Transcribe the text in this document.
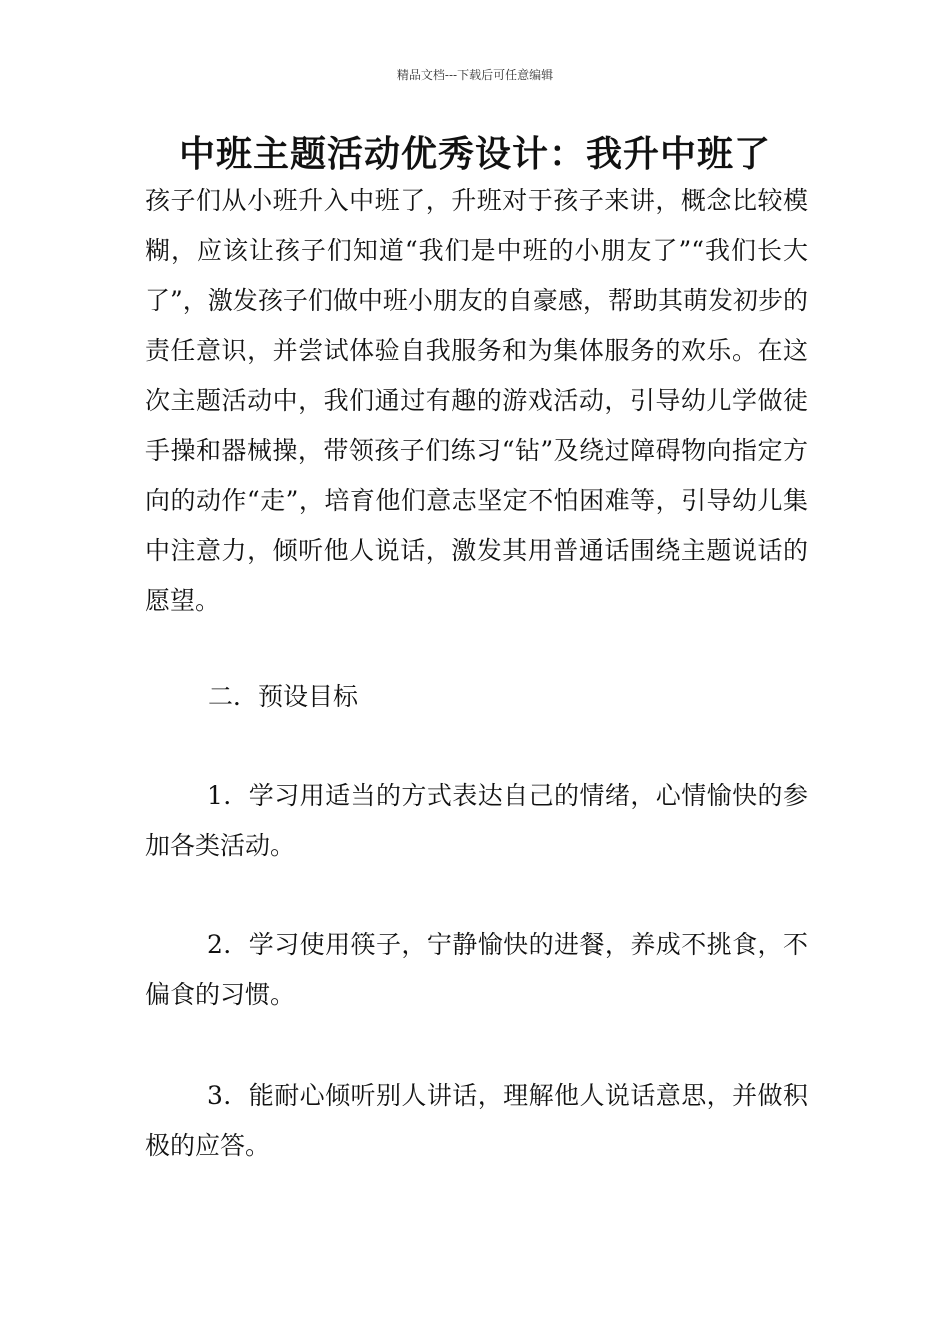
精品文档---下载后可任意编辑
中班主题活动优秀设计：我升中班了

孩子们从小班升入中班了，升班对于孩子来讲，概念比较模糊，应该让孩子们知道“我们是中班的小朋友了”“我们长大了”，激发孩子们做中班小朋友的自豪感，帮助其萌发初步的责任意识，并尝试体验自我服务和为集体服务的欢乐。在这次主题活动中，我们通过有趣的游戏活动，引导幼儿学做徒手操和器械操，带领孩子们练习“钻”及绕过障碍物向指定方向的动作“走”，培育他们意志坚定不怕困难等，引导幼儿集中注意力，倾听他人说话，激发其用普通话围绕主题说话的愿望。

二．预设目标

1．学习用适当的方式表达自己的情绪，心情愉快的参加各类活动。

2．学习使用筷子，宁静愉快的进餐，养成不挑食，不偏食的习惯。

3．能耐心倾听别人讲话，理解他人说话意思，并做积极的应答。
